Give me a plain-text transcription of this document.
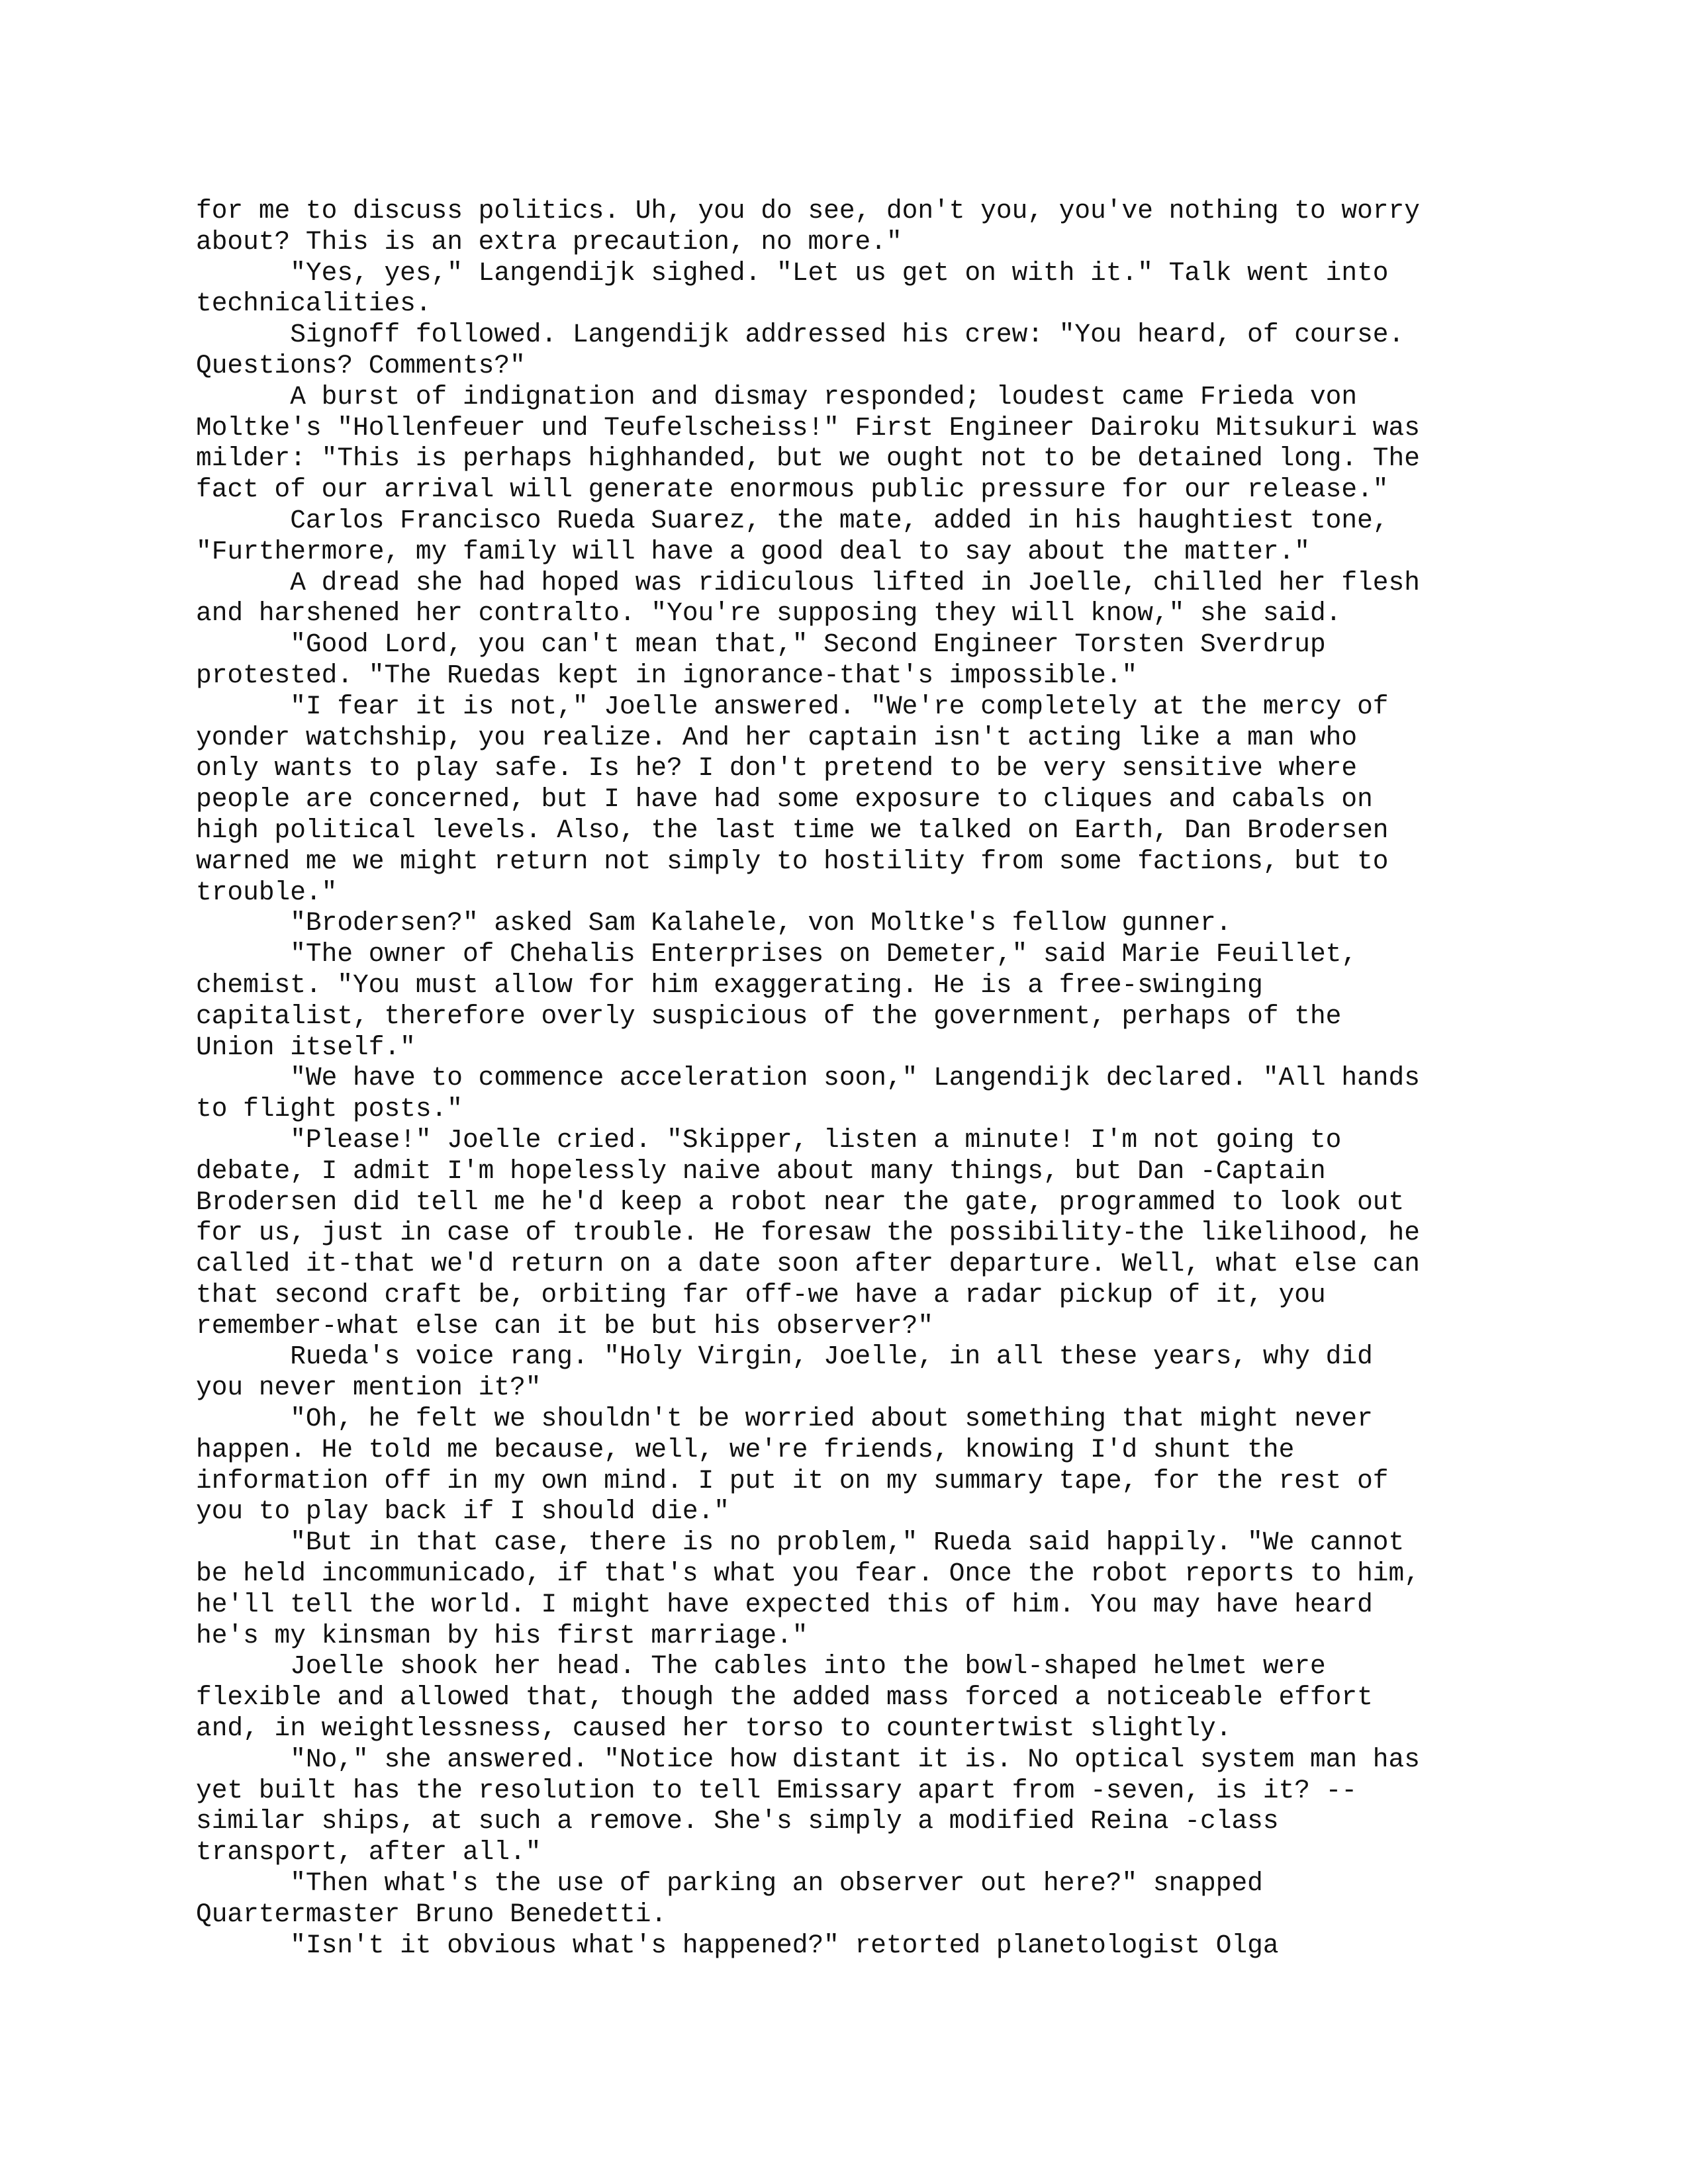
for me to discuss politics. Uh, you do see, don't you, you've nothing to worry
about? This is an extra precaution, no more."
"Yes, yes," Langendijk sighed. "Let us get on with it." Talk went into
technicalities.
Signoff followed. Langendijk addressed his crew: "You heard, of course.
Questions? Comments?"
A burst of indignation and dismay responded; loudest came Frieda von
Moltke's "Hollenfeuer und Teufelscheiss!" First Engineer Dairoku Mitsukuri was
milder: "This is perhaps highhanded, but we ought not to be detained long. The
fact of our arrival will generate enormous public pressure for our release."
Carlos Francisco Rueda Suarez, the mate, added in his haughtiest tone,
"Furthermore, my family will have a good deal to say about the matter."
A dread she had hoped was ridiculous lifted in Joelle, chilled her flesh
and harshened her contralto. "You're supposing they will know," she said.
"Good Lord, you can't mean that," Second Engineer Torsten Sverdrup
protested. "The Ruedas kept in ignorance-that's impossible."
"I fear it is not," Joelle answered. "We're completely at the mercy of
yonder watchship, you realize. And her captain isn't acting like a man who
only wants to play safe. Is he? I don't pretend to be very sensitive where
people are concerned, but I have had some exposure to cliques and cabals on
high political levels. Also, the last time we talked on Earth, Dan Brodersen
warned me we might return not simply to hostility from some factions, but to
trouble."
"Brodersen?" asked Sam Kalahele, von Moltke's fellow gunner.
"The owner of Chehalis Enterprises on Demeter," said Marie Feuillet,
chemist. "You must allow for him exaggerating. He is a free-swinging
capitalist, therefore overly suspicious of the government, perhaps of the
Union itself."
"We have to commence acceleration soon," Langendijk declared. "All hands
to flight posts."
"Please!" Joelle cried. "Skipper, listen a minute! I'm not going to
debate, I admit I'm hopelessly naive about many things, but Dan -Captain
Brodersen did tell me he'd keep a robot near the gate, programmed to look out
for us, just in case of trouble. He foresaw the possibility-the likelihood, he
called it-that we'd return on a date soon after departure. Well, what else can
that second craft be, orbiting far off-we have a radar pickup of it, you
remember-what else can it be but his observer?"
Rueda's voice rang. "Holy Virgin, Joelle, in all these years, why did
you never mention it?"
"Oh, he felt we shouldn't be worried about something that might never
happen. He told me because, well, we're friends, knowing I'd shunt the
information off in my own mind. I put it on my summary tape, for the rest of
you to play back if I should die."
"But in that case, there is no problem," Rueda said happily. "We cannot
be held incommunicado, if that's what you fear. Once the robot reports to him,
he'll tell the world. I might have expected this of him. You may have heard
he's my kinsman by his first marriage."
Joelle shook her head. The cables into the bowl-shaped helmet were
flexible and allowed that, though the added mass forced a noticeable effort
and, in weightlessness, caused her torso to countertwist slightly.
"No," she answered. "Notice how distant it is. No optical system man has
yet built has the resolution to tell Emissary apart from -seven, is it? --
similar ships, at such a remove. She's simply a modified Reina -class
transport, after all."
"Then what's the use of parking an observer out here?" snapped
Quartermaster Bruno Benedetti.
"Isn't it obvious what's happened?" retorted planetologist Olga
